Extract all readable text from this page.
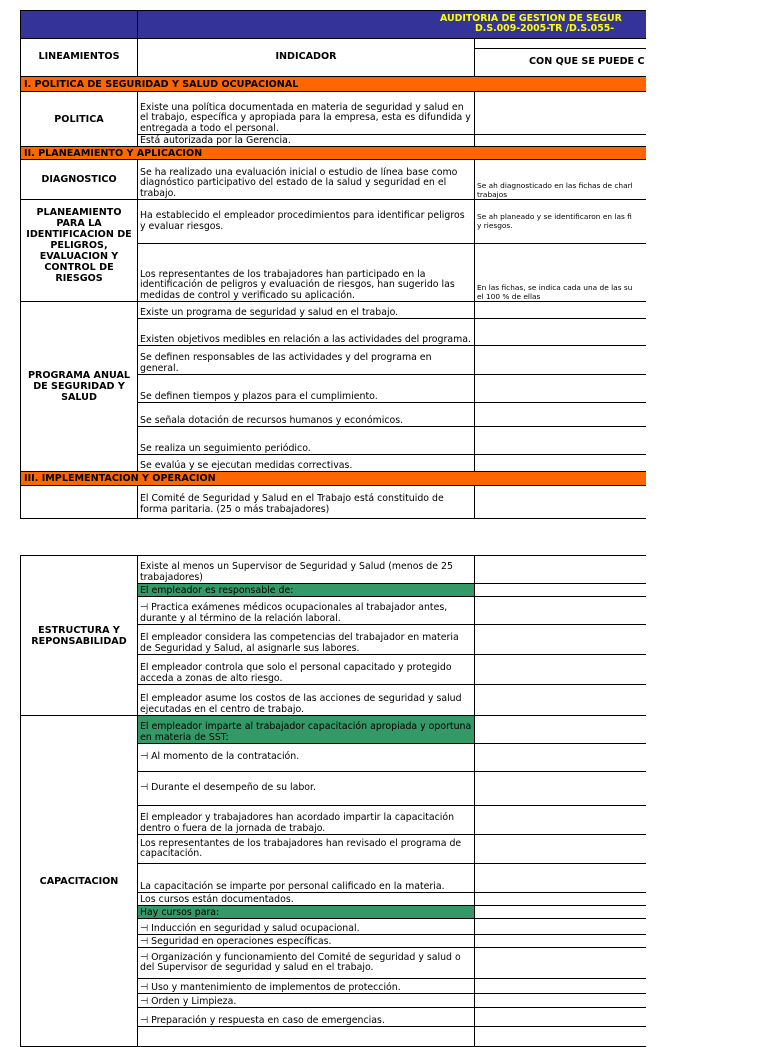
	AUDITORIA DE GESTION DE SEGUR
D.S.009-2005-TR /D.S.055-	

LINEAMIENTOS	INDICADOR	

		CON QUE SE PUEDE C

I. POLITICA DE SEGURIDAD Y SALUD OCUPACIONAL		
POLITICA	Existe una política documentada en materia de seguridad y salud en el trabajo, específica y apropiada para la empresa, esta es difundida y entregada a todo el personal.	
	Está autorizada por la Gerencia.	
II. PLANEAMIENTO Y APLICACION		
DIAGNOSTICO	Se ha realizado una evaluación inicial o estudio de línea base como diagnóstico participativo del estado de la salud y seguridad en el trabajo.	Se ah diagnosticado en las fichas de charl
trabajos
PLANEAMIENTO PARA LA IDENTIFICACION DE PELIGROS, EVALUACION Y CONTROL DE RIESGOS	Ha establecido el empleador procedimientos para identificar peligros y evaluar riesgos.	Se ah planeado y se identificaron en las fi
y riesgos.
	Los representantes de los trabajadores han participado en la identificación de peligros y evaluación de riesgos, han sugerido las medidas de control y verificado su aplicación.	En las fichas, se indica cada una de las su
el 100 % de ellas
PROGRAMA ANUAL DE SEGURIDAD Y SALUD	Existe un programa de seguridad y salud en el trabajo.	
	Existen objetivos medibles en relación a las actividades del programa.	
	Se definen responsables de las actividades y del programa en general.	
	Se definen tiempos y plazos para el cumplimiento.	
	Se señala dotación de recursos humanos y económicos.	
	Se realiza un seguimiento periódico.	
	Se evalúa y se ejecutan medidas correctivas.	
III. IMPLEMENTACION Y OPERACION		
	El Comité de Seguridad y Salud en el Trabajo está constituido de forma paritaria. (25 o más trabajadores)	
ESTRUCTURA Y REPONSABILIDAD	Existe al menos un Supervisor de Seguridad y Salud (menos de 25 trabajadores)	
	El empleador es responsable de:	
	⊣ Practica exámenes médicos ocupacionales al trabajador antes, durante y al término de la relación laboral.	
	El empleador considera las competencias del trabajador en materia de Seguridad y Salud, al asignarle sus labores.	
	El empleador controla que solo el personal capacitado y protegido acceda a zonas de alto riesgo.	
	El empleador asume los costos de las acciones de seguridad y salud ejecutadas en el centro de trabajo.	
CAPACITACION	El empleador imparte al trabajador capacitación apropiada y oportuna en materia de SST:	
	⊣ Al momento de la contratación.	
	⊣ Durante el desempeño de su labor.	
	El empleador y trabajadores han acordado impartir la capacitación dentro o fuera de la jornada de trabajo.	
	Los representantes de los trabajadores han revisado el programa de capacitación.	
	La capacitación se imparte por personal calificado en la materia.	
	Los cursos están documentados.	
	Hay cursos para:	
	⊣ Inducción en seguridad y salud ocupacional.	
	⊣ Seguridad en operaciones específicas.	
	⊣ Organización y funcionamiento del Comité de seguridad y salud o del Supervisor de seguridad y salud en el trabajo.	
	⊣ Uso y mantenimiento de implementos de protección.	
	⊣ Orden y Limpieza.	
	⊣ Preparación y respuesta en caso de emergencias.	
